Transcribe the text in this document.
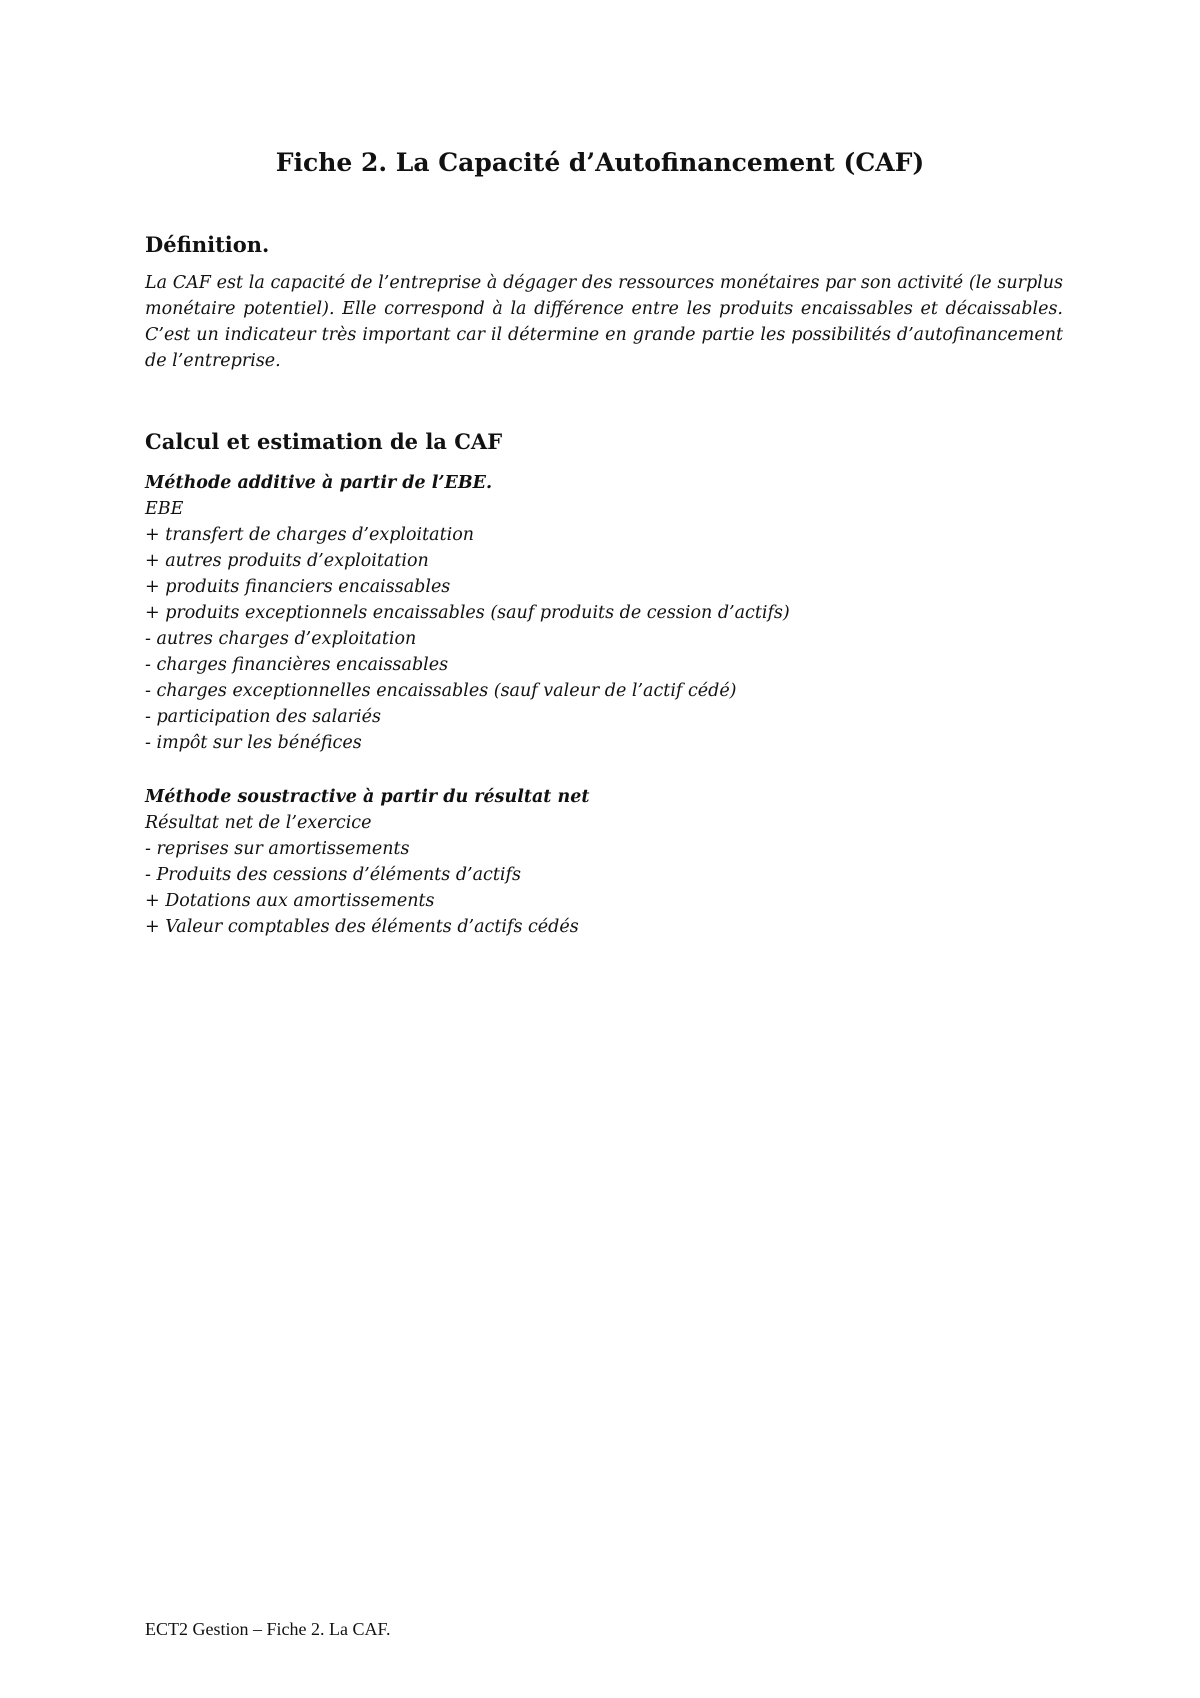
Fiche 2. La Capacité d’Autofinancement (CAF)
Définition.

La CAF est la capacité de l’entreprise à dégager des ressources monétaires par son activité (le surplus monétaire potentiel). Elle correspond à la différence entre les produits encaissables et décaissables. C’est un indicateur très important car il détermine en grande partie les possibilités d’autofinancement de l’entreprise.

Calcul et estimation de la CAF
Méthode additive à partir de l’EBE.
EBE
+ transfert de charges d’exploitation
+ autres produits d’exploitation
+ produits financiers encaissables
+ produits exceptionnels encaissables (sauf produits de cession d’actifs)
- autres charges d’exploitation
- charges financières encaissables
- charges exceptionnelles encaissables (sauf valeur de l’actif cédé)
- participation des salariés
- impôt sur les bénéfices
Méthode soustractive à partir du résultat net
Résultat net de l’exercice
- reprises sur amortissements
- Produits des cessions d’éléments d’actifs
+ Dotations aux amortissements
+ Valeur comptables des éléments d’actifs cédés

ECT2 Gestion – Fiche 2. La CAF.
